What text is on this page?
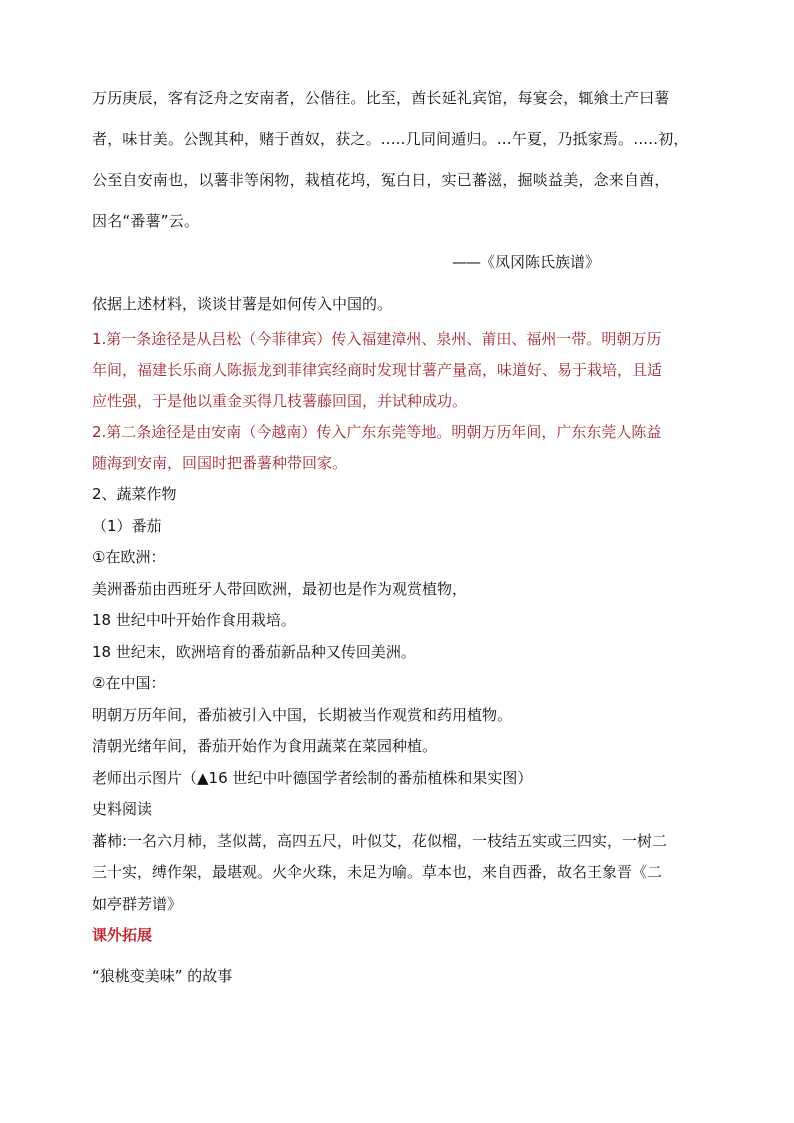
万历庚辰，客有泛舟之安南者，公偕往。比至，酋长延礼宾馆，每宴会，辄飨土产曰薯

者，味甘美。公觊其种，赌于酋奴，获之。.....几同间遁归。...午夏，乃抵家焉。.....初，

公至自安南也，以薯非等闲物，栽植花坞，冤白日，实已蕃滋，掘啖益美，念来自酋，

因名“番薯”云。

——《凤冈陈氏族谱》

依据上述材料，谈谈甘薯是如何传入中国的。

1.第一条途径是从吕松（今菲律宾）传入福建漳州、泉州、莆田、福州一带。明朝万历

年间，福建长乐商人陈振龙到菲律宾经商时发现甘薯产量高，味道好、易于栽培，且适

应性强，于是他以重金买得几枝薯藤回国，并试种成功。

2.第二条途径是由安南（今越南）传入广东东莞等地。明朝万历年间，广东东莞人陈益

随海到安南，回国时把番薯种带回家。

2、蔬菜作物

（1）番茄

①在欧洲：

美洲番茄由西班牙人带回欧洲，最初也是作为观赏植物，

18 世纪中叶开始作食用栽培。

18 世纪末，欧洲培育的番茄新品种又传回美洲。

②在中国：

明朝万历年间，番茄被引入中国，长期被当作观赏和药用植物。

清朝光绪年间，番茄开始作为食用蔬菜在菜园种植。

老师出示图片（▲16 世纪中叶德国学者绘制的番茄植株和果实图）

史料阅读

蕃柿:一名六月柿，茎似蒿，高四五尺，叶似艾，花似榴，一枝结五实或三四实，一树二

三十实，缚作架，最堪观。火伞火珠，未足为喻。草本也，来自西番，故名王象晋《二

如亭群芳谱》

课外拓展

“狼桃变美味” 的故事
